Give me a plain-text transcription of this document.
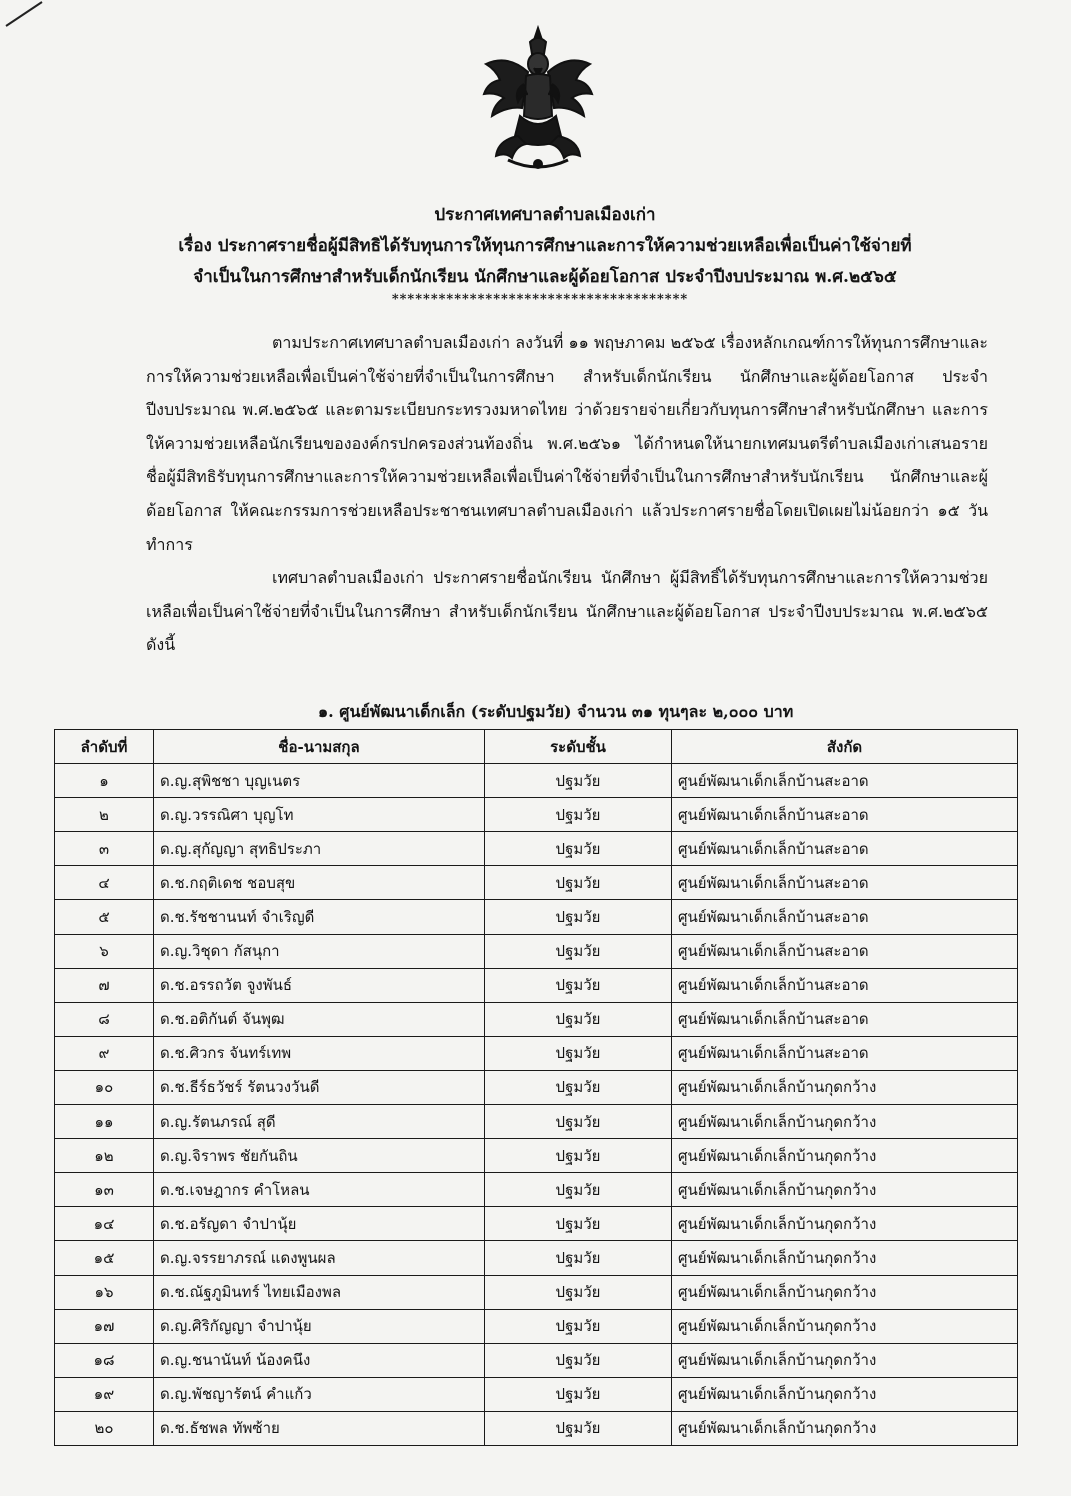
ประกาศเทศบาลตำบลเมืองเก่า
เรื่อง ประกาศรายชื่อผู้มีสิทธิได้รับทุนการให้ทุนการศึกษาและการให้ความช่วยเหลือเพื่อเป็นค่าใช้จ่ายที่
จำเป็นในการศึกษาสำหรับเด็กนักเรียน นักศึกษาและผู้ด้อยโอกาส ประจำปีงบประมาณ พ.ศ.๒๕๖๕
**************************************

ตามประกาศเทศบาลตำบลเมืองเก่า ลงวันที่ ๑๑ พฤษภาคม ๒๕๖๕ เรื่องหลักเกณฑ์การให้ทุนการศึกษาและการให้ความช่วยเหลือเพื่อเป็นค่าใช้จ่ายที่จำเป็นในการศึกษา สำหรับเด็กนักเรียน นักศึกษาและผู้ด้อยโอกาส ประจำปีงบประมาณ พ.ศ.๒๕๖๕ และตามระเบียบกระทรวงมหาดไทย ว่าด้วยรายจ่ายเกี่ยวกับทุนการศึกษาสำหรับนักศึกษา และการให้ความช่วยเหลือนักเรียนขององค์กรปกครองส่วนท้องถิ่น พ.ศ.๒๕๖๑ ได้กำหนดให้นายกเทศมนตรีตำบลเมืองเก่าเสนอรายชื่อผู้มีสิทธิรับทุนการศึกษาและการให้ความช่วยเหลือเพื่อเป็นค่าใช้จ่ายที่จำเป็นในการศึกษาสำหรับนักเรียน นักศึกษาและผู้ด้อยโอกาส ให้คณะกรรมการช่วยเหลือประชาชนเทศบาลตำบลเมืองเก่า แล้วประกาศรายชื่อโดยเปิดเผยไม่น้อยกว่า ๑๕ วันทำการ

เทศบาลตำบลเมืองเก่า ประกาศรายชื่อนักเรียน นักศึกษา ผู้มีสิทธิ์ได้รับทุนการศึกษาและการให้ความช่วยเหลือเพื่อเป็นค่าใช้จ่ายที่จำเป็นในการศึกษา สำหรับเด็กนักเรียน นักศึกษาและผู้ด้อยโอกาส ประจำปีงบประมาณ พ.ศ.๒๕๖๕ ดังนี้

๑. ศูนย์พัฒนาเด็กเล็ก (ระดับปฐมวัย) จำนวน ๓๑ ทุนๆละ ๒,๐๐๐ บาท
ลำดับที่	ชื่อ-นามสกุล	ระดับชั้น	สังกัด
๑	ด.ญ.สุพิชชา บุญเนตร	ปฐมวัย	ศูนย์พัฒนาเด็กเล็กบ้านสะอาด
๒	ด.ญ.วรรณิศา บุญโท	ปฐมวัย	ศูนย์พัฒนาเด็กเล็กบ้านสะอาด
๓	ด.ญ.สุกัญญา สุทธิประภา	ปฐมวัย	ศูนย์พัฒนาเด็กเล็กบ้านสะอาด
๔	ด.ช.กฤติเดช ชอบสุข	ปฐมวัย	ศูนย์พัฒนาเด็กเล็กบ้านสะอาด
๕	ด.ช.รัชชานนท์ จำเริญดี	ปฐมวัย	ศูนย์พัฒนาเด็กเล็กบ้านสะอาด
๖	ด.ญ.วิชุดา กัสนุกา	ปฐมวัย	ศูนย์พัฒนาเด็กเล็กบ้านสะอาด
๗	ด.ช.อรรถวัต จูงพันธ์	ปฐมวัย	ศูนย์พัฒนาเด็กเล็กบ้านสะอาด
๘	ด.ช.อติกันต์ จันพุฒ	ปฐมวัย	ศูนย์พัฒนาเด็กเล็กบ้านสะอาด
๙	ด.ช.ศิวกร จันทร์เทพ	ปฐมวัย	ศูนย์พัฒนาเด็กเล็กบ้านสะอาด
๑๐	ด.ช.ธีร์ธวัชร์ รัตนวงวันดี	ปฐมวัย	ศูนย์พัฒนาเด็กเล็กบ้านกุดกว้าง
๑๑	ด.ญ.รัตนภรณ์ สุดี	ปฐมวัย	ศูนย์พัฒนาเด็กเล็กบ้านกุดกว้าง
๑๒	ด.ญ.จิราพร ชัยกันถิน	ปฐมวัย	ศูนย์พัฒนาเด็กเล็กบ้านกุดกว้าง
๑๓	ด.ช.เจษฎากร คำโหลน	ปฐมวัย	ศูนย์พัฒนาเด็กเล็กบ้านกุดกว้าง
๑๔	ด.ช.อรัญดา จำปานุ้ย	ปฐมวัย	ศูนย์พัฒนาเด็กเล็กบ้านกุดกว้าง
๑๕	ด.ญ.จรรยาภรณ์ แดงพูนผล	ปฐมวัย	ศูนย์พัฒนาเด็กเล็กบ้านกุดกว้าง
๑๖	ด.ช.ณัฐภูมินทร์ ไทยเมืองพล	ปฐมวัย	ศูนย์พัฒนาเด็กเล็กบ้านกุดกว้าง
๑๗	ด.ญ.ศิริกัญญา จำปานุ้ย	ปฐมวัย	ศูนย์พัฒนาเด็กเล็กบ้านกุดกว้าง
๑๘	ด.ญ.ชนานันท์ น้องคนึง	ปฐมวัย	ศูนย์พัฒนาเด็กเล็กบ้านกุดกว้าง
๑๙	ด.ญ.พัชญารัตน์ คำแก้ว	ปฐมวัย	ศูนย์พัฒนาเด็กเล็กบ้านกุดกว้าง
๒๐	ด.ช.ธัชพล ทัพซ้าย	ปฐมวัย	ศูนย์พัฒนาเด็กเล็กบ้านกุดกว้าง
